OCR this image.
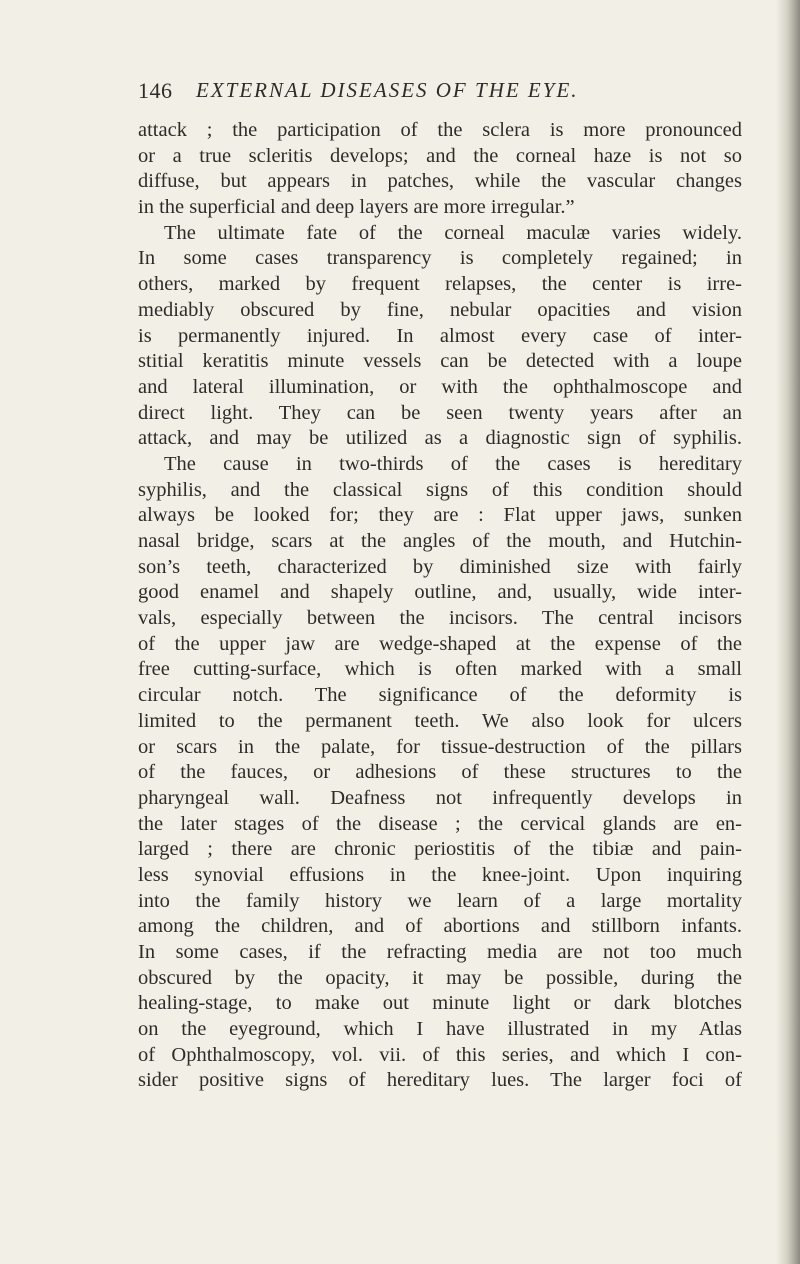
146 EXTERNAL DISEASES OF THE EYE.
attack ; the participation of the sclera is more pronounced
or a true scleritis develops; and the corneal haze is not so
diffuse, but appears in patches, while the vascular changes
in the superficial and deep layers are more irregular.”
The ultimate fate of the corneal maculæ varies widely.
In some cases transparency is completely regained; in
others, marked by frequent relapses, the center is irre-
mediably obscured by fine, nebular opacities and vision
is permanently injured. In almost every case of inter-
stitial keratitis minute vessels can be detected with a loupe
and lateral illumination, or with the ophthalmoscope and
direct light. They can be seen twenty years after an
attack, and may be utilized as a diagnostic sign of syphilis.
The cause in two-thirds of the cases is hereditary
syphilis, and the classical signs of this condition should
always be looked for; they are : Flat upper jaws, sunken
nasal bridge, scars at the angles of the mouth, and Hutchin-
son’s teeth, characterized by diminished size with fairly
good enamel and shapely outline, and, usually, wide inter-
vals, especially between the incisors. The central incisors
of the upper jaw are wedge-shaped at the expense of the
free cutting-surface, which is often marked with a small
circular notch. The significance of the deformity is
limited to the permanent teeth. We also look for ulcers
or scars in the palate, for tissue-destruction of the pillars
of the fauces, or adhesions of these structures to the
pharyngeal wall. Deafness not infrequently develops in
the later stages of the disease ; the cervical glands are en-
larged ; there are chronic periostitis of the tibiæ and pain-
less synovial effusions in the knee-joint. Upon inquiring
into the family history we learn of a large mortality
among the children, and of abortions and stillborn infants.
In some cases, if the refracting media are not too much
obscured by the opacity, it may be possible, during the
healing-stage, to make out minute light or dark blotches
on the eyeground, which I have illustrated in my Atlas
of Ophthalmoscopy, vol. vii. of this series, and which I con-
sider positive signs of hereditary lues. The larger foci of
